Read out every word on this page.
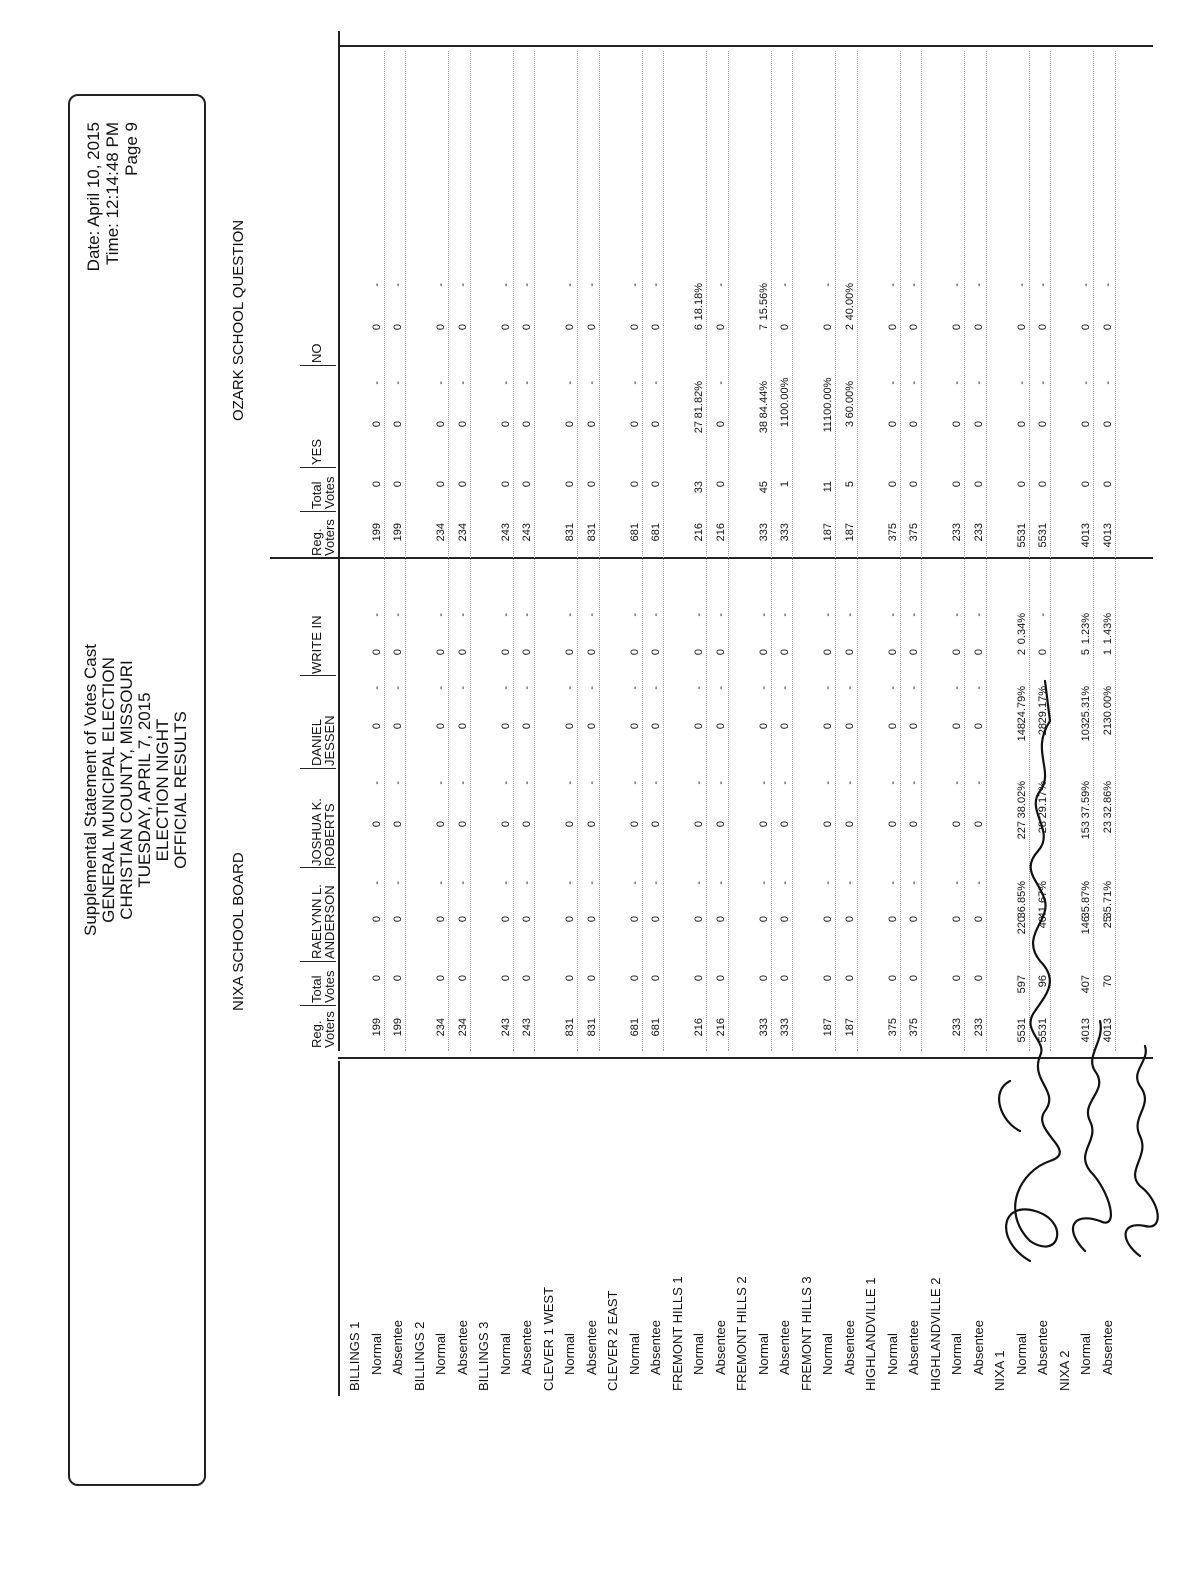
Supplemental Statement of Votes Cast GENERAL MUNICIPAL ELECTION CHRISTIAN COUNTY, MISSOURI TUESDAY, APRIL 7, 2015 ELECTION NIGHT OFFICIAL RESULTS
Date: April 10, 2015 Time: 12:14:48 PM Page 9
NIXA SCHOOL BOARD
OZARK SCHOOL QUESTION
Reg.
Voters
Total
Votes
RAELYNN L.
ANDERSON
JOSHUA K.
ROBERTS
DANIEL
JESSEN
WRITE IN
Reg.
Voters
Total
Votes
YES
NO
BILLINGS 1 Normal
199
0
0
-
0
-
0
-
0
-
199
0
0
-
0
-
Absentee
199
0
0
-
0
-
0
-
0
-
199
0
0
-
0
-
BILLINGS 2 Normal
234
0
0
-
0
-
0
-
0
-
234
0
0
-
0
-
Absentee
234
0
0
-
0
-
0
-
0
-
234
0
0
-
0
-
BILLINGS 3 Normal
243
0
0
-
0
-
0
-
0
-
243
0
0
-
0
-
Absentee
243
0
0
-
0
-
0
-
0
-
243
0
0
-
0
-
CLEVER 1 WEST Normal
831
0
0
-
0
-
0
-
0
-
831
0
0
-
0
-
Absentee
831
0
0
-
0
-
0
-
0
-
831
0
0
-
0
-
CLEVER 2 EAST Normal
681
0
0
-
0
-
0
-
0
-
681
0
0
-
0
-
Absentee
681
0
0
-
0
-
0
-
0
-
681
0
0
-
0
-
FREMONT HILLS 1 Normal
216
0
0
-
0
-
0
-
0
-
216
33
27
81.82%
6
18.18%
Absentee
216
0
0
-
0
-
0
-
0
-
216
0
0
-
0
-
FREMONT HILLS 2 Normal
333
0
0
-
0
-
0
-
0
-
333
45
38
84.44%
7
15.56%
Absentee
333
0
0
-
0
-
0
-
0
-
333
1
1
100.00%
0
-
FREMONT HILLS 3 Normal
187
0
0
-
0
-
0
-
0
-
187
11
11
100.00%
0
-
Absentee
187
0
0
-
0
-
0
-
0
-
187
5
3
60.00%
2
40.00%
HIGHLANDVILLE 1 Normal
375
0
0
-
0
-
0
-
0
-
375
0
0
-
0
-
Absentee
375
0
0
-
0
-
0
-
0
-
375
0
0
-
0
-
HIGHLANDVILLE 2 Normal
233
0
0
-
0
-
0
-
0
-
233
0
0
-
0
-
Absentee
233
0
0
-
0
-
0
-
0
-
233
0
0
-
0
-
NIXA 1 Normal
5531
597
220
36.85%
227
38.02%
148
24.79%
2
0.34%
5531
0
0
-
0
-
Absentee
5531
96
40
41.67%
28
29.17%
28
29.17%
0
-
5531
0
0
-
0
-
NIXA 2 Normal
4013
407
146
35.87%
153
37.59%
103
25.31%
5
1.23%
4013
0
0
-
0
-
Absentee
4013
70
25
35.71%
23
32.86%
21
30.00%
1
1.43%
4013
0
0
-
0
-
